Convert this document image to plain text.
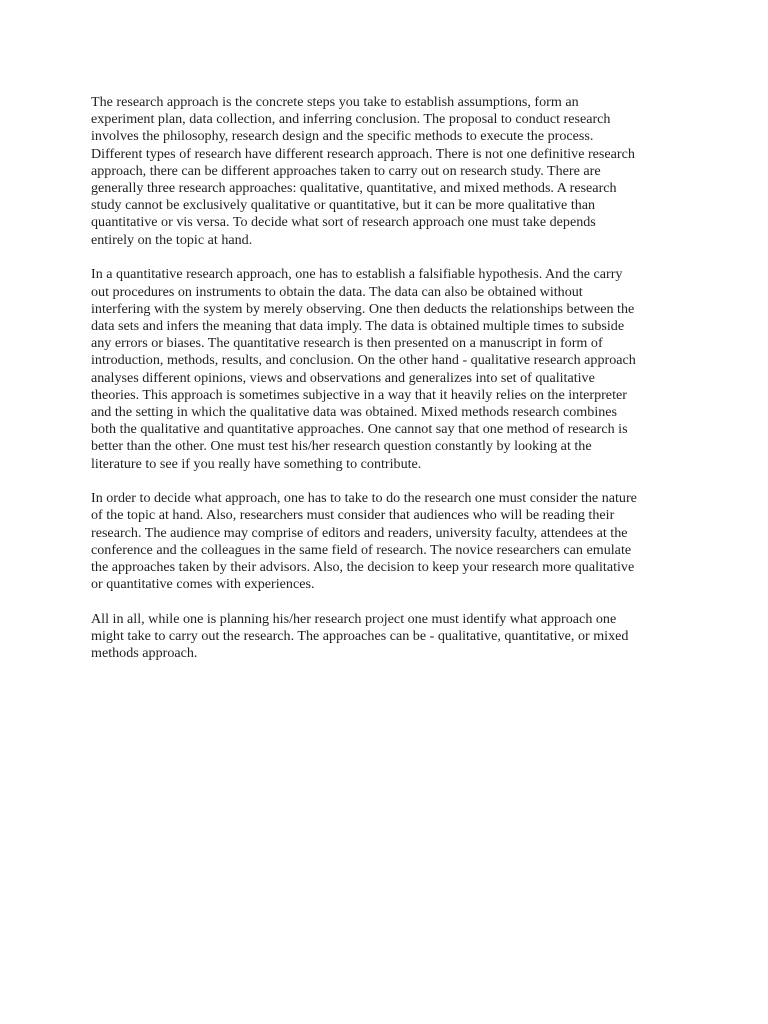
The research approach is the concrete steps you take to establish assumptions, form an
experiment plan, data collection, and inferring conclusion. The proposal to conduct research
involves the philosophy, research design and the specific methods to execute the process.
Different types of research have different research approach. There is not one definitive research
approach, there can be different approaches taken to carry out on research study. There are
generally three research approaches: qualitative, quantitative, and mixed methods. A research
study cannot be exclusively qualitative or quantitative, but it can be more qualitative than
quantitative or vis versa. To decide what sort of research approach one must take depends
entirely on the topic at hand.

In a quantitative research approach, one has to establish a falsifiable hypothesis. And the carry
out procedures on instruments to obtain the data. The data can also be obtained without
interfering with the system by merely observing. One then deducts the relationships between the
data sets and infers the meaning that data imply. The data is obtained multiple times to subside
any errors or biases. The quantitative research is then presented on a manuscript in form of
introduction, methods, results, and conclusion. On the other hand - qualitative research approach
analyses different opinions, views and observations and generalizes into set of qualitative
theories. This approach is sometimes subjective in a way that it heavily relies on the interpreter
and the setting in which the qualitative data was obtained. Mixed methods research combines
both the qualitative and quantitative approaches. One cannot say that one method of research is
better than the other. One must test his/her research question constantly by looking at the
literature to see if you really have something to contribute.

In order to decide what approach, one has to take to do the research one must consider the nature
of the topic at hand. Also, researchers must consider that audiences who will be reading their
research. The audience may comprise of editors and readers, university faculty, attendees at the
conference and the colleagues in the same field of research. The novice researchers can emulate
the approaches taken by their advisors. Also, the decision to keep your research more qualitative
or quantitative comes with experiences.

All in all, while one is planning his/her research project one must identify what approach one
might take to carry out the research. The approaches can be - qualitative, quantitative, or mixed
methods approach.
